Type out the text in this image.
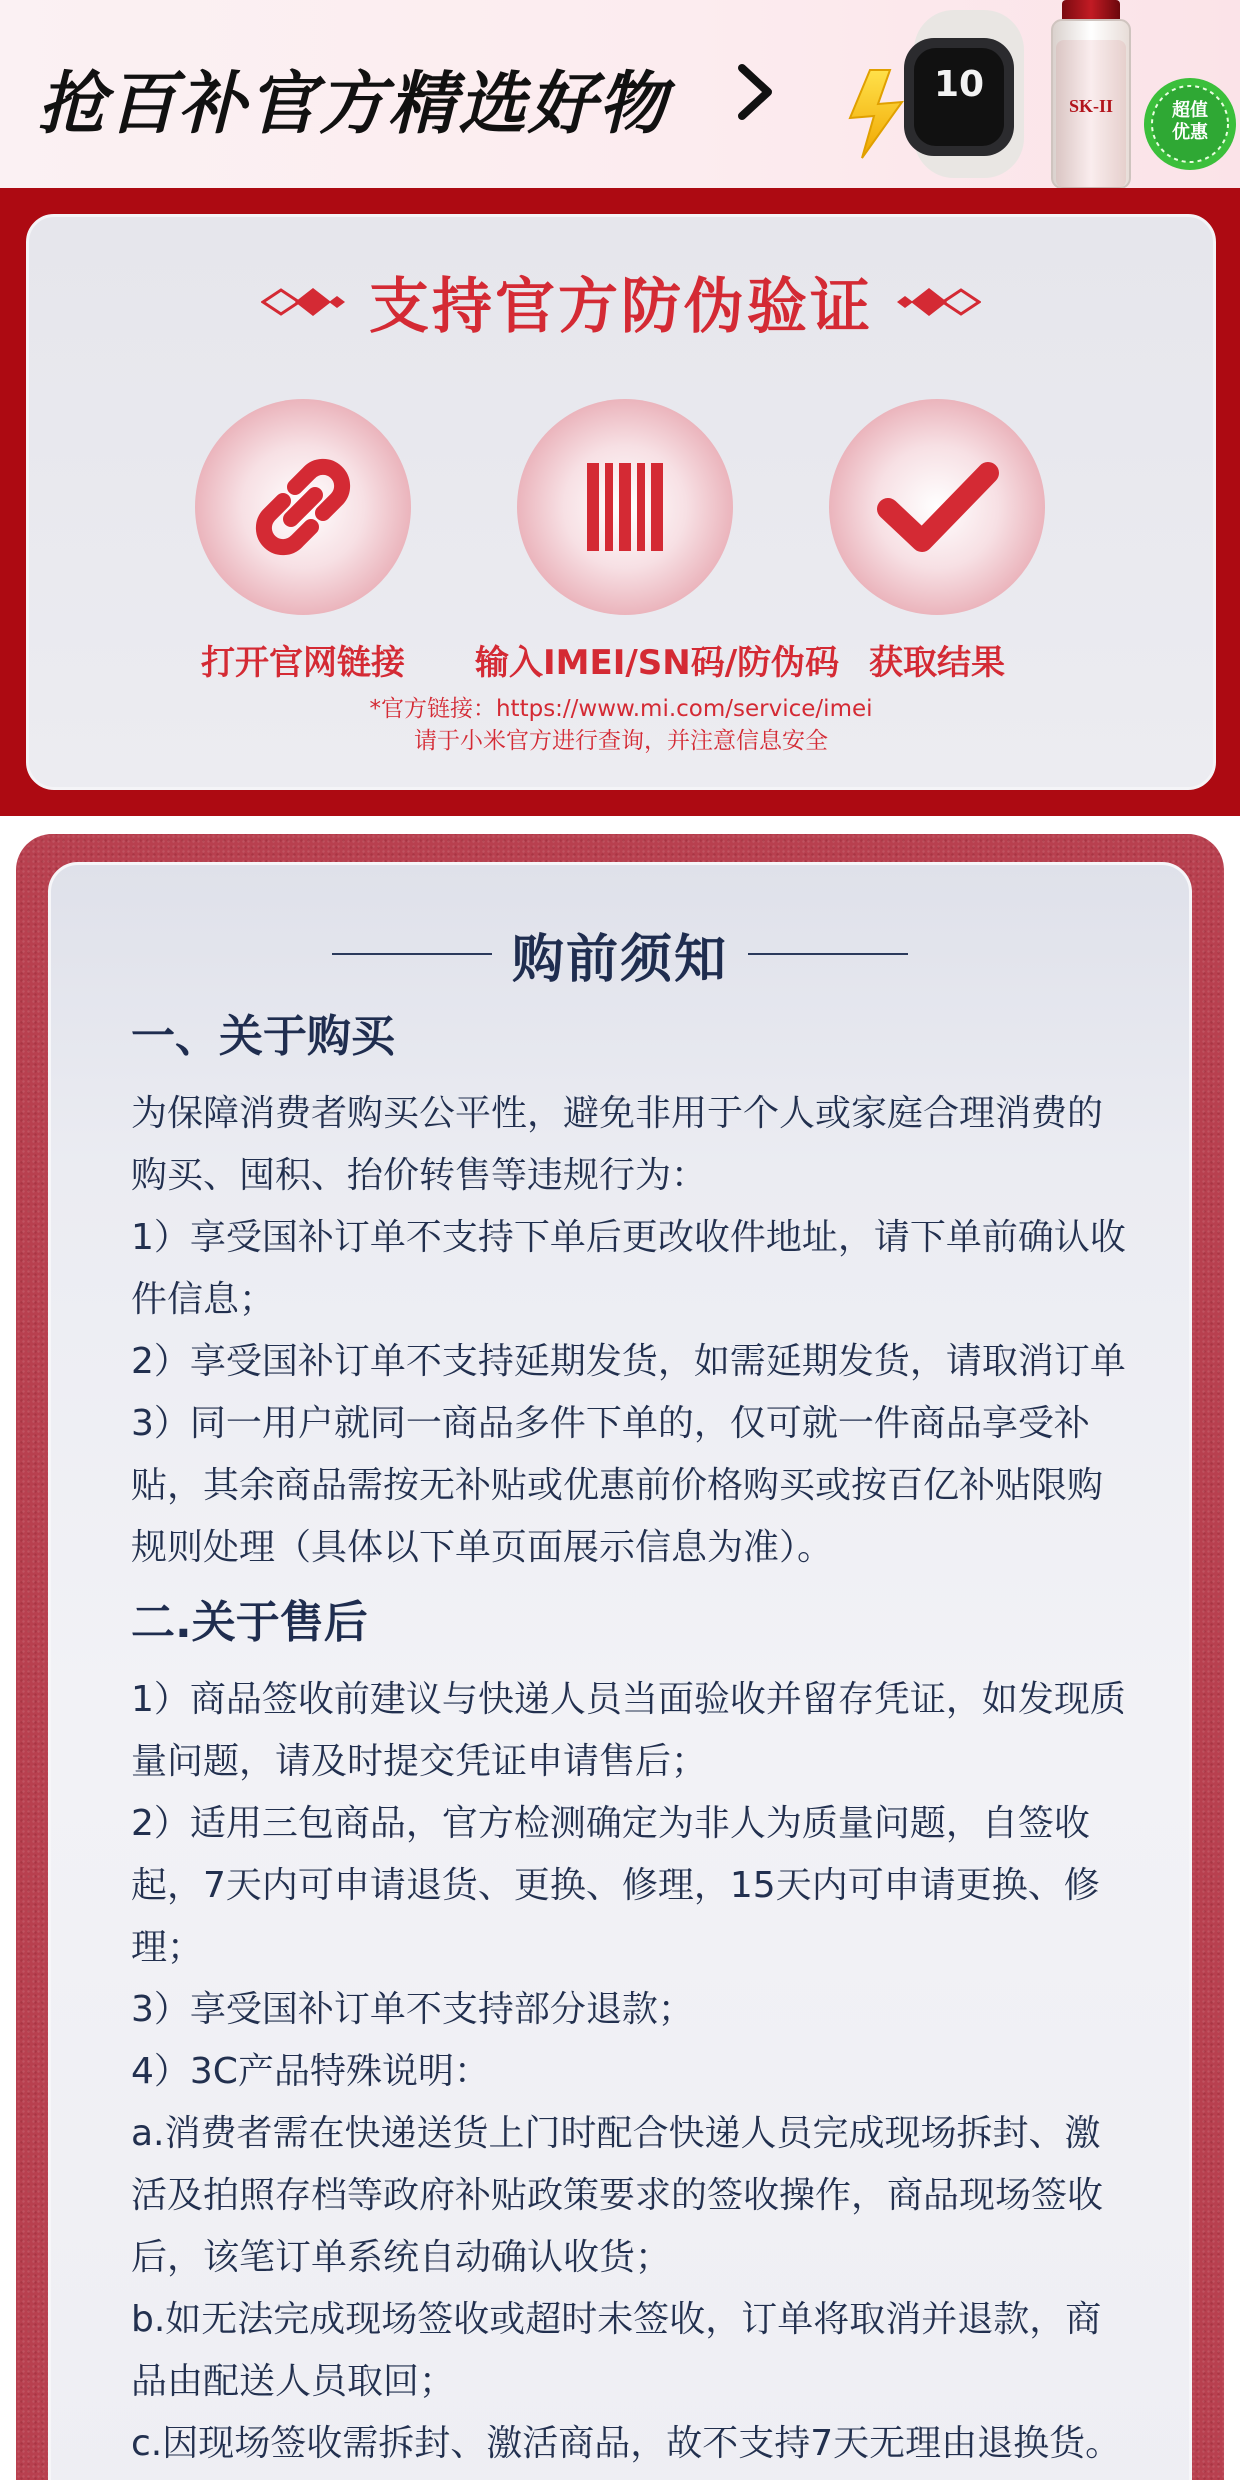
抢百补官方精选好物	10
SK-II	超值
优惠
支持官方防伪验证
打开官网链接	输入IMEI/SN码/防伪码 获取结果
*官方链接：https://www.mi.com/service/imei
请于小米官方进行查询，并注意信息安全
购前须知
一、关于购买

为保障消费者购买公平性，避免非用于个人或家庭合理消费的购买、囤积、抬价转售等违规行为：

1）享受国补订单不支持下单后更改收件地址，请下单前确认收件信息；

2）享受国补订单不支持延期发货，如需延期发货，请取消订单

3）同一用户就同一商品多件下单的，仅可就一件商品享受补贴，其余商品需按无补贴或优惠前价格购买或按百亿补贴限购规则处理（具体以下单页面展示信息为准）。

二.关于售后

1）商品签收前建议与快递人员当面验收并留存凭证，如发现质量问题，请及时提交凭证申请售后；

2）适用三包商品，官方检测确定为非人为质量问题，自签收起，7天内可申请退货、更换、修理，15天内可申请更换、修理；

3）享受国补订单不支持部分退款；

4）3C产品特殊说明：

a.消费者需在快递送货上门时配合快递人员完成现场拆封、激活及拍照存档等政府补贴政策要求的签收操作，商品现场签收后，该笔订单系统自动确认收货；

b.如无法完成现场签收或超时未签收，订单将取消并退款，商品由配送人员取回；

c.因现场签收需拆封、激活商品，故不支持7天无理由退换货。
